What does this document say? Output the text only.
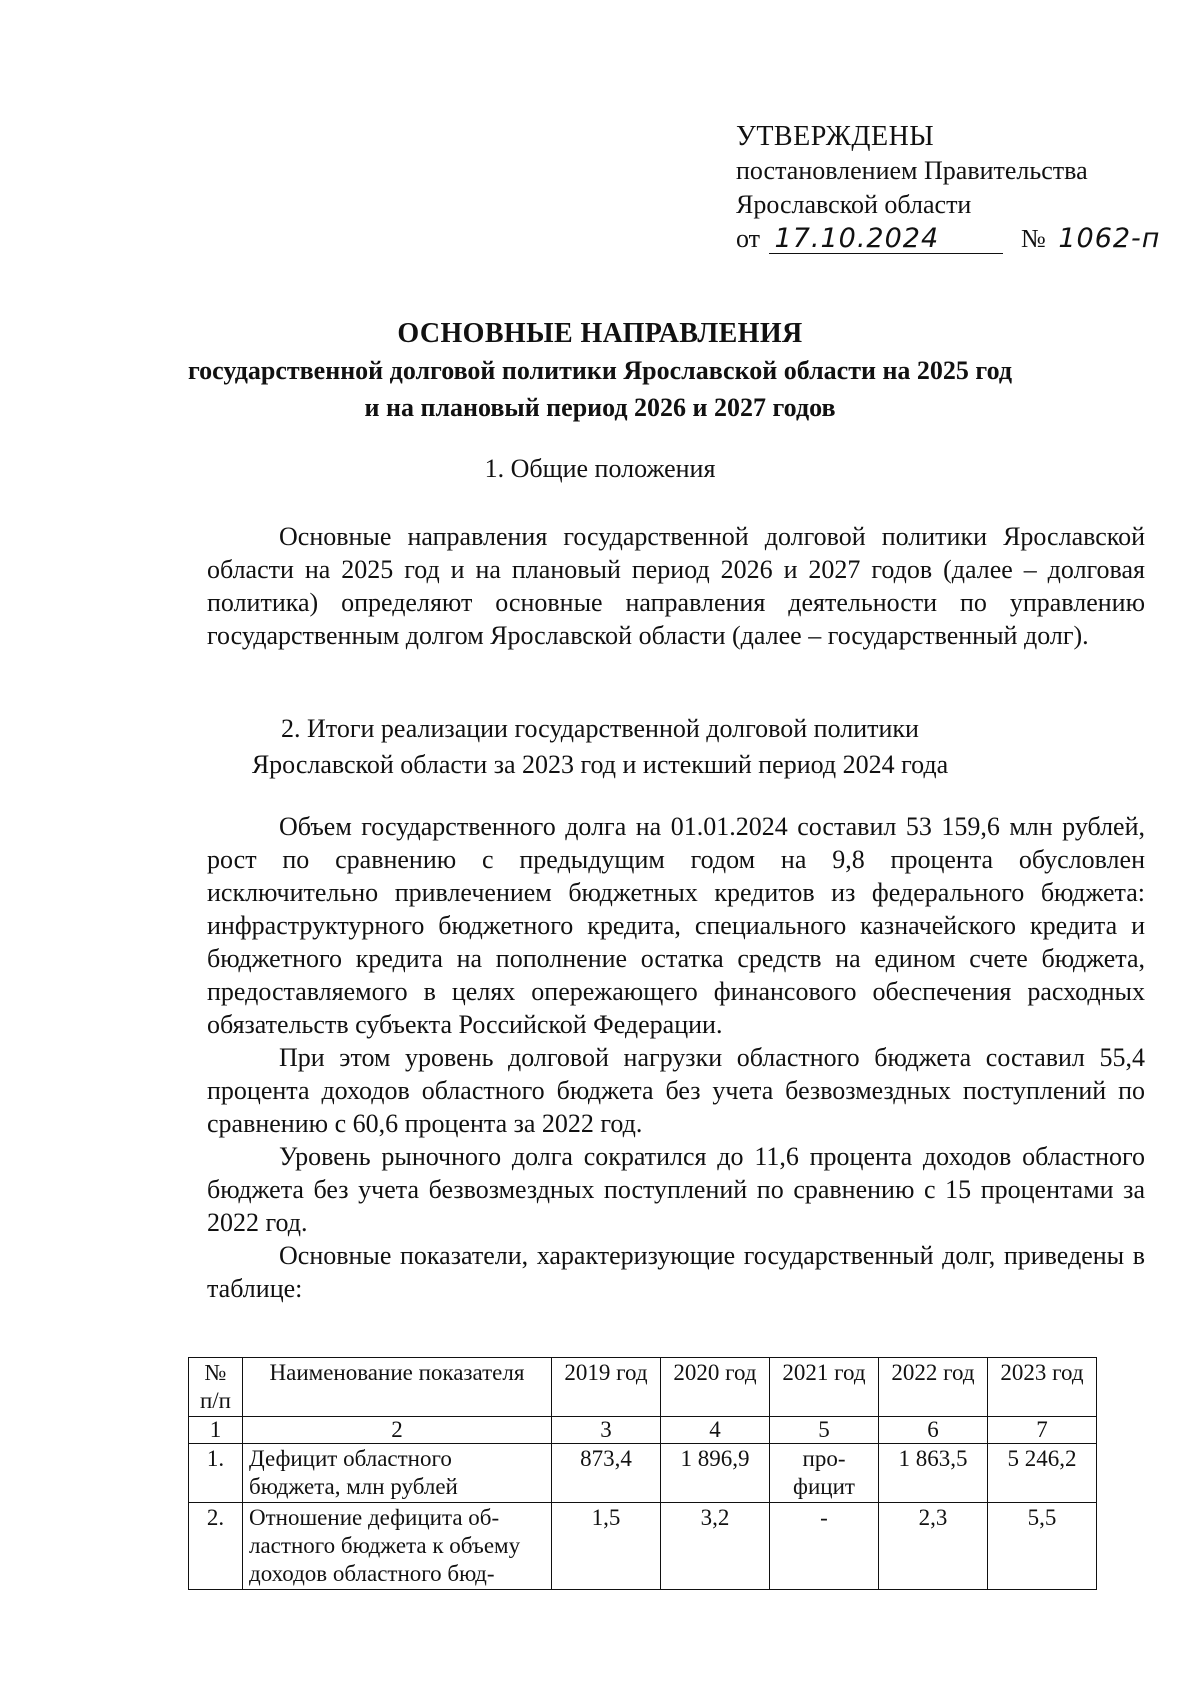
УТВЕРЖДЕНЫ
постановлением Правительства
Ярославской области
от 17.10.2024	№ 1062-п
ОСНОВНЫЕ НАПРАВЛЕНИЯ
государственной долговой политики Ярославской области на 2025 год
и на плановый период 2026 и 2027 годов
1. Общие положения

Основные направления государственной долговой политики Ярославской области на 2025 год и на плановый период 2026 и 2027 годов (далее – долговая политика) определяют основные направления деятельности по управлению государственным долгом Ярославской области (далее – государственный долг).

2. Итоги реализации государственной долговой политики
Ярославской области за 2023 год и истекший период 2024 года

Объем государственного долга на 01.01.2024 составил 53 159,6 млн рублей, рост по сравнению с предыдущим годом на 9,8 процента обусловлен исключительно привлечением бюджетных кредитов из федерального бюджета: инфраструктурного бюджетного кредита, специального казначейского кредита и бюджетного кредита на пополнение остатка средств на едином счете бюджета, предоставляемого в целях опережающего финансового обеспечения расходных обязательств субъекта Российской Федерации.

При этом уровень долговой нагрузки областного бюджета составил 55,4 процента доходов областного бюджета без учета безвозмездных поступлений по сравнению с 60,6 процента за 2022 год.

Уровень рыночного долга сократился до 11,6 процента доходов областного бюджета без учета безвозмездных поступлений по сравнению с 15 процентами за 2022 год.

Основные показатели, характеризующие государственный долг, приведены в таблице:

№ п/п	Наименование показателя	2019 год	2020 год	2021 год	2022 год	2023 год
1	2	3	4	5	6	7
1.	Дефицит областного бюджета, млн рублей	873,4	1 896,9	про-фицит	1 863,5	5 246,2
2.	Отношение дефицита об-ластного бюджета к объему доходов областного бюд-	1,5	3,2	-	2,3	5,5
